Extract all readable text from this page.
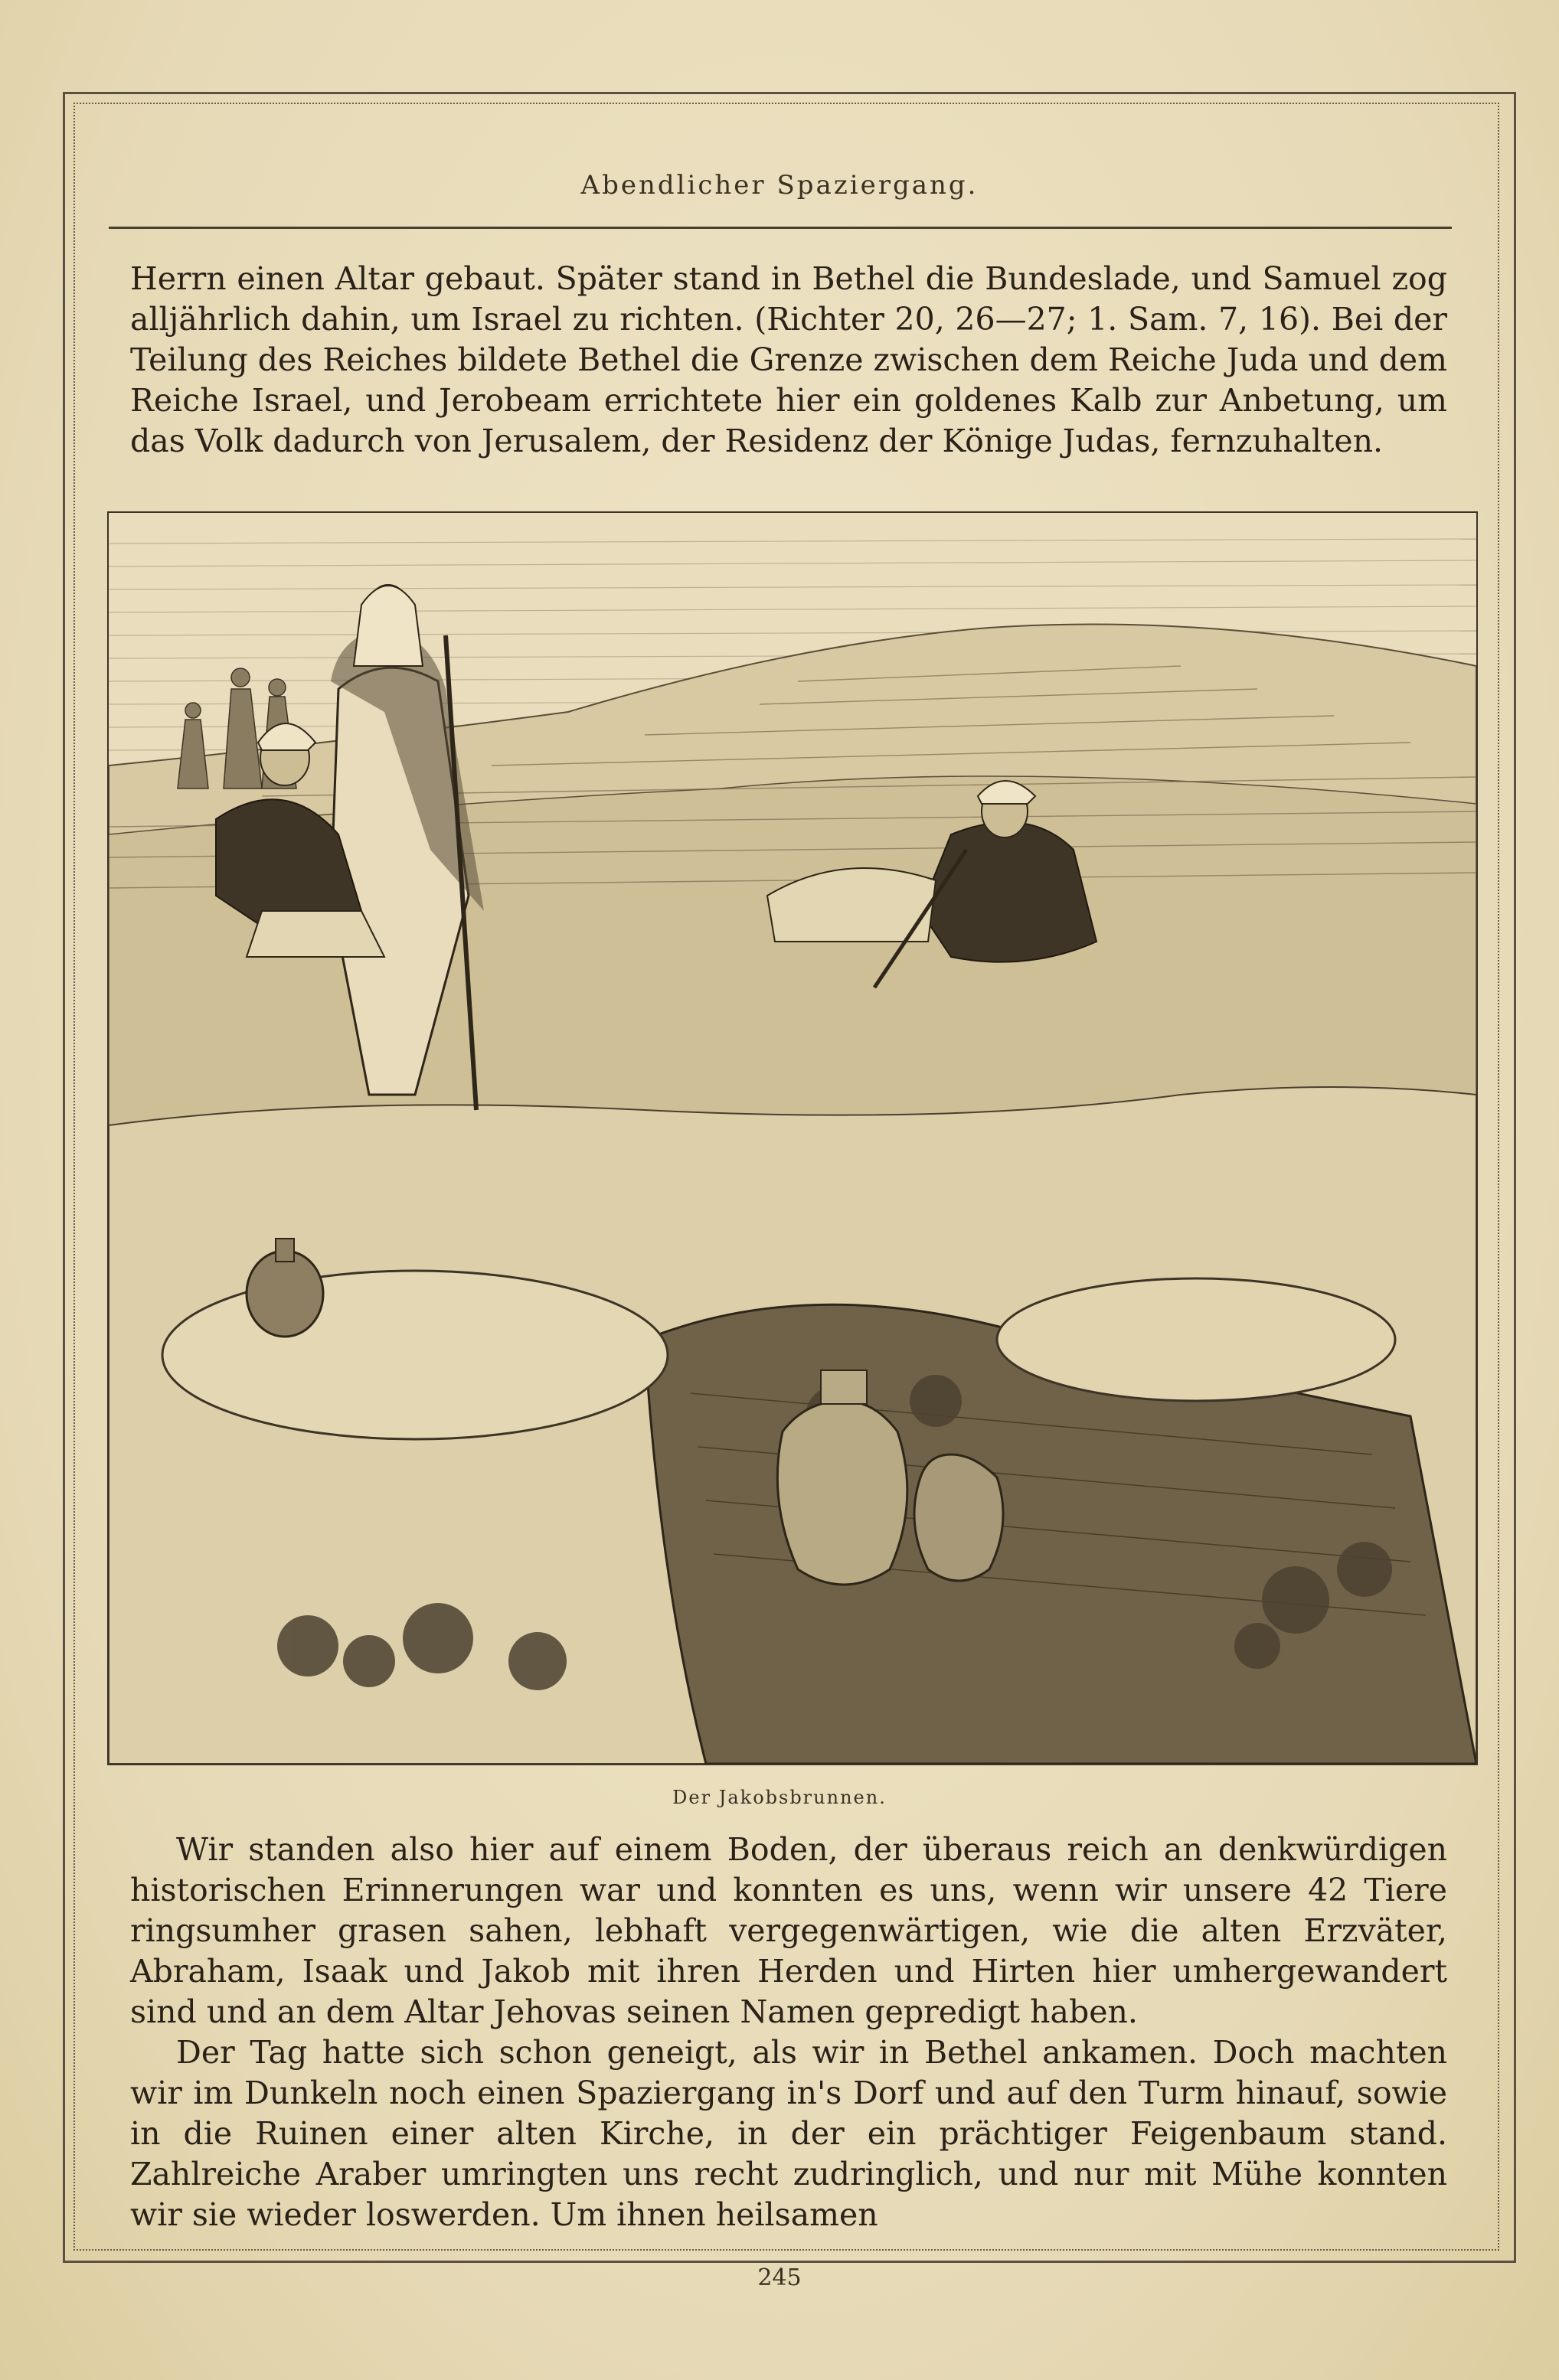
Abendlicher Spaziergang.

Herrn einen Altar gebaut. Später stand in Bethel die Bundeslade, und Samuel zog alljährlich dahin, um Israel zu richten. (Richter 20, 26—27; 1. Sam. 7, 16). Bei der Teilung des Reiches bildete Bethel die Grenze zwischen dem Reiche Juda und dem Reiche Israel, und Jerobeam errichtete hier ein goldenes Kalb zur Anbetung, um das Volk dadurch von Jerusalem, der Residenz der Könige Judas, fernzuhalten.

Der Jakobsbrunnen.

Wir standen also hier auf einem Boden, der überaus reich an denkwürdigen historischen Erinnerungen war und konnten es uns, wenn wir unsere 42 Tiere ringsumher grasen sahen, lebhaft vergegenwärtigen, wie die alten Erzväter, Abraham, Isaak und Jakob mit ihren Herden und Hirten hier umhergewandert sind und an dem Altar Jehovas seinen Namen gepredigt haben.

Der Tag hatte sich schon geneigt, als wir in Bethel ankamen. Doch machten wir im Dunkeln noch einen Spaziergang in's Dorf und auf den Turm hinauf, sowie in die Ruinen einer alten Kirche, in der ein prächtiger Feigenbaum stand. Zahlreiche Araber umringten uns recht zudringlich, und nur mit Mühe konnten wir sie wieder loswerden. Um ihnen heilsamen

245
